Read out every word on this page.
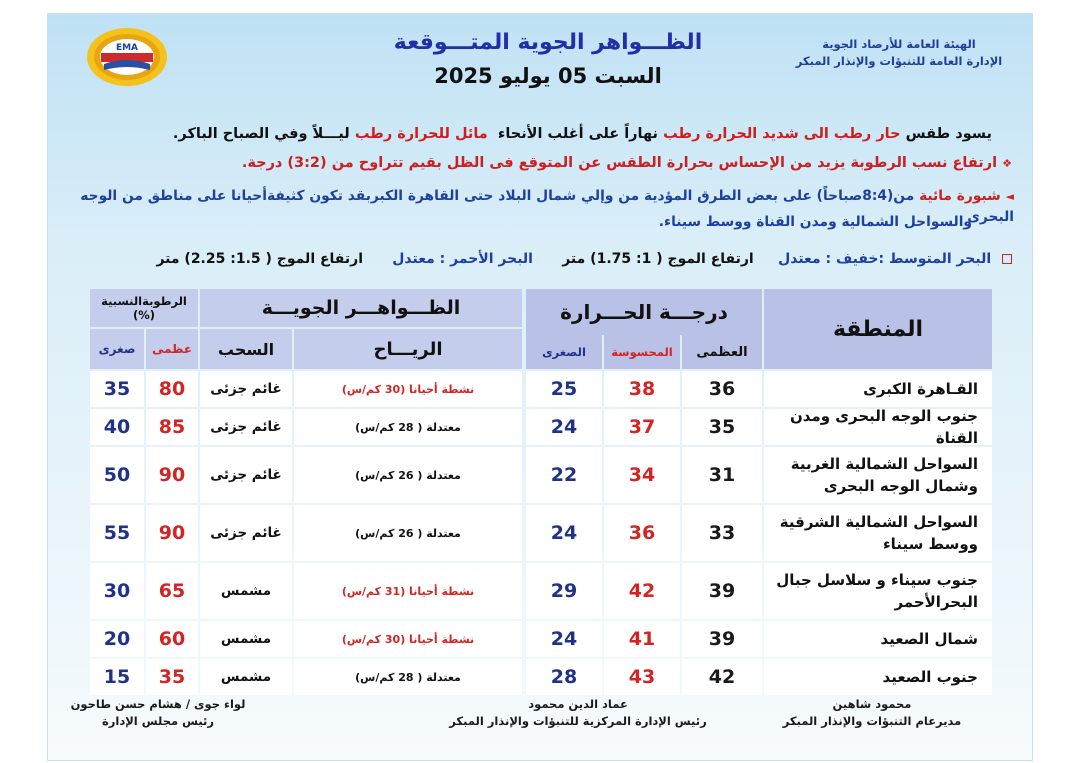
الهيئة العامة للأرصاد الجوية
الإدارة العامة للتنبؤات والإنذار المبكر
الظـــواهر الجوية المتـــوقعة
السبت 05 يوليو 2025
EMA
يسود طقس حار رطب الى شديد الحرارة رطب نهاراً على أغلب الأنحاء  مائل للحرارة رطب ليـــلاً وفي الصباح الباكر.
❖ ارتفاع نسب الرطوبة يزيد من الإحساس بحرارة الطقس عن المتوقع فى الظل بقيم تتراوح من (3:2) درجة.
◄ شبورة مائية من(8:4صباحاً) على بعض الطرق المؤدية من وإلي شمال البلاد حتى القاهرة الكبربقد تكون كثيفةأحيانا على مناطق من الوجه البحرى
والسواحل الشمالية ومدن القناة ووسط سيناء.
البحر المتوسط :خفيف : معتدل     ارتفاع الموج ( 1: 1.75) متر      البحر الأحمر : معتدل      ارتفاع الموج ( 1.5: 2.25) متر
المنطقة
درجـــة الحـــرارة
العظمى
المحسوسة
الصغرى
الظـــواهـــر الجويـــة
الريـــاح
السحب
الرطوبةالنسبية (%)
عظمى
صغرى
القـاهرة الكبرى
36
38
25
نشطة أحيانا (30 كم/س)
غائم جزئى
80
35
جنوب الوجه البحرى ومدن القناة
35
37
24
معتدلة ( 28 كم/س)
غائم جزئى
85
40
السواحل الشمالية الغربية وشمال الوجه البحرى
31
34
22
معتدلة ( 26 كم/س)
غائم جزئى
90
50
السواحل الشمالية الشرقية ووسط سيناء
33
36
24
معتدلة ( 26 كم/س)
غائم جزئى
90
55
جنوب سيناء و سلاسل جبال البحرالأحمر
39
42
29
نشطة أحيانا (31 كم/س)
مشمس
65
30
شمال الصعيد
39
41
24
نشطة أحيانا (30 كم/س)
مشمس
60
20
جنوب الصعيد
42
43
28
معتدلة ( 28 كم/س)
مشمس
35
15
محمود شاهين
مديرعام التنبؤات والإنذار المبكر
عماد الدين محمود
رئيس الإدارة المركزية للتنبؤات والإنذار المبكر
لواء جوى / هشام حسن طاحون
رئيس مجلس الإدارة
